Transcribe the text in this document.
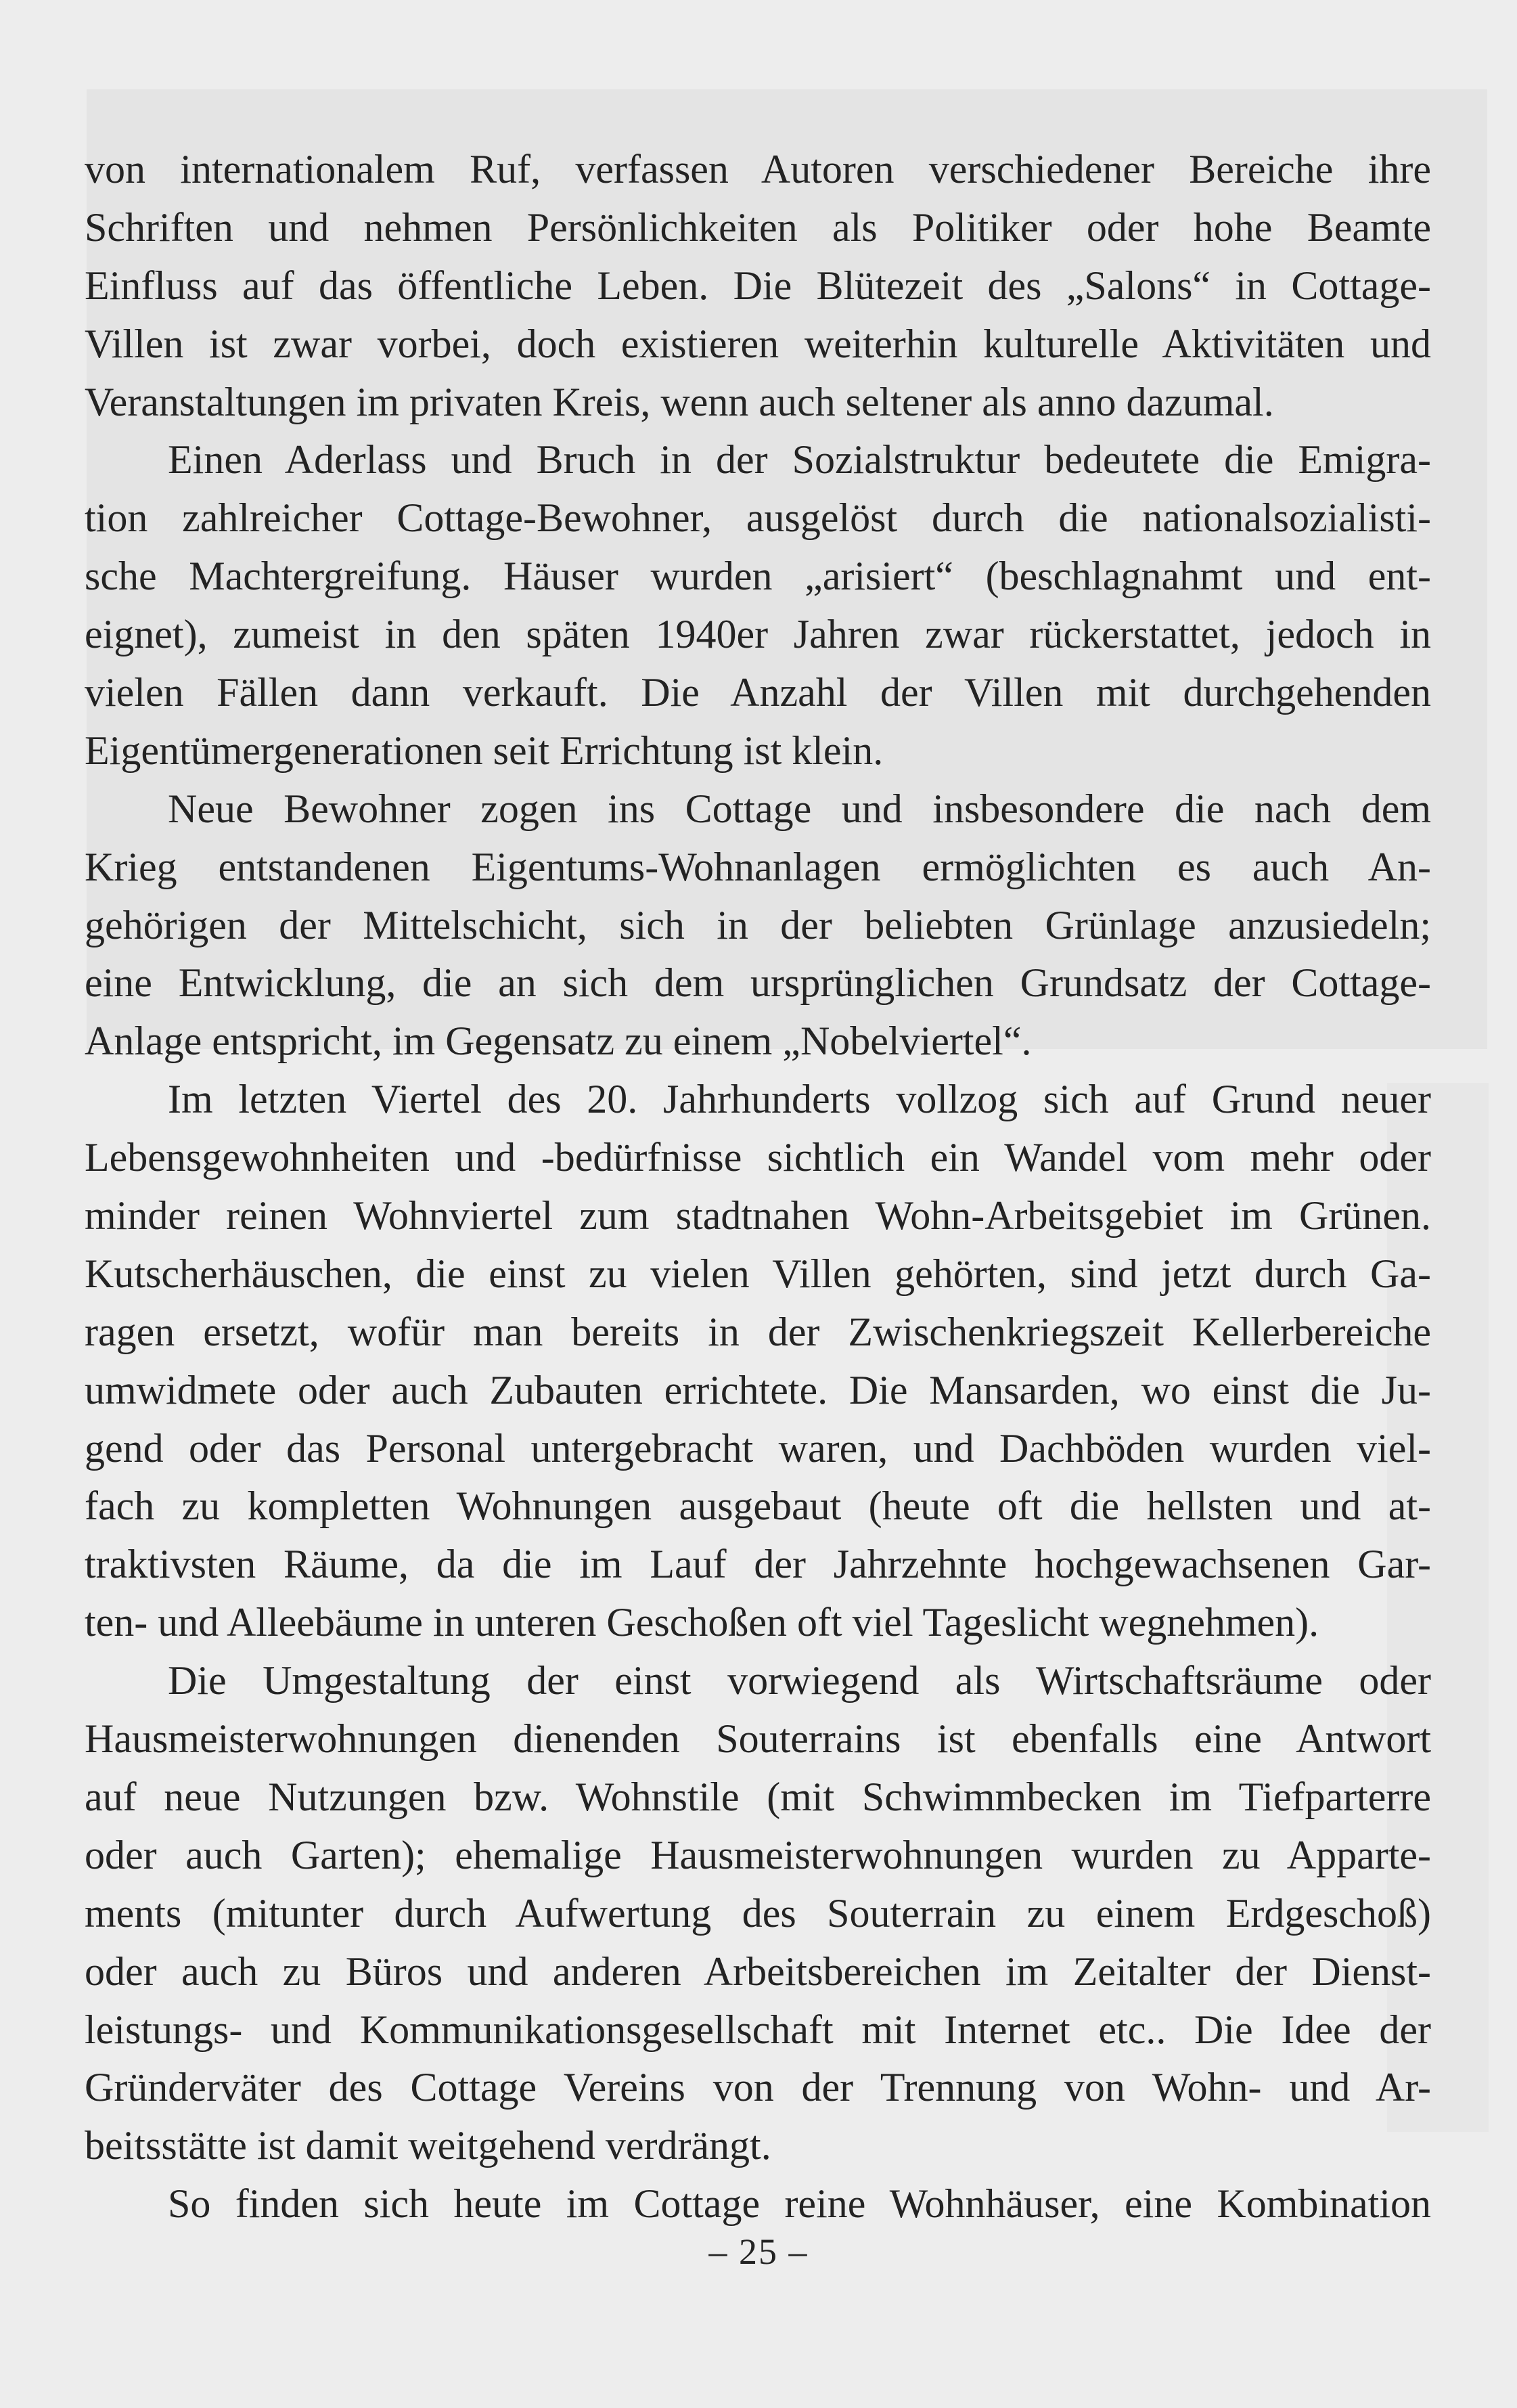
von internationalem Ruf, verfassen Autoren verschiedener Bereiche ihre
Schriften und nehmen Persönlichkeiten als Politiker oder hohe Beamte
Einfluss auf das öffentliche Leben. Die Blütezeit des „Salons“ in Cottage-
Villen ist zwar vorbei, doch existieren weiterhin kulturelle Aktivitäten und
Veranstaltungen im privaten Kreis, wenn auch seltener als anno dazumal.
Einen Aderlass und Bruch in der Sozialstruktur bedeutete die Emigra-
tion zahlreicher Cottage-Bewohner, ausgelöst durch die nationalsozialisti-
sche Machtergreifung. Häuser wurden „arisiert“ (beschlagnahmt und ent-
eignet), zumeist in den späten 1940er Jahren zwar rückerstattet, jedoch in
vielen Fällen dann verkauft. Die Anzahl der Villen mit durchgehenden
Eigentümergenerationen seit Errichtung ist klein.
Neue Bewohner zogen ins Cottage und insbesondere die nach dem
Krieg entstandenen Eigentums-Wohnanlagen ermöglichten es auch An-
gehörigen der Mittelschicht, sich in der beliebten Grünlage anzusiedeln;
eine Entwicklung, die an sich dem ursprünglichen Grundsatz der Cottage-
Anlage entspricht, im Gegensatz zu einem „Nobelviertel“.
Im letzten Viertel des 20. Jahrhunderts vollzog sich auf Grund neuer
Lebensgewohnheiten und -bedürfnisse sichtlich ein Wandel vom mehr oder
minder reinen Wohnviertel zum stadtnahen Wohn-Arbeitsgebiet im Grünen.
Kutscherhäuschen, die einst zu vielen Villen gehörten, sind jetzt durch Ga-
ragen ersetzt, wofür man bereits in der Zwischenkriegszeit Kellerbereiche
umwidmete oder auch Zubauten errichtete. Die Mansarden, wo einst die Ju-
gend oder das Personal untergebracht waren, und Dachböden wurden viel-
fach zu kompletten Wohnungen ausgebaut (heute oft die hellsten und at-
traktivsten Räume, da die im Lauf der Jahrzehnte hochgewachsenen Gar-
ten- und Alleebäume in unteren Geschoßen oft viel Tageslicht wegnehmen).
Die Umgestaltung der einst vorwiegend als Wirtschaftsräume oder
Hausmeisterwohnungen dienenden Souterrains ist ebenfalls eine Antwort
auf neue Nutzungen bzw. Wohnstile (mit Schwimmbecken im Tiefparterre
oder auch Garten); ehemalige Hausmeisterwohnungen wurden zu Apparte-
ments (mitunter durch Aufwertung des Souterrain zu einem Erdgeschoß)
oder auch zu Büros und anderen Arbeitsbereichen im Zeitalter der Dienst-
leistungs- und Kommunikationsgesellschaft mit Internet etc.. Die Idee der
Gründerväter des Cottage Vereins von der Trennung von Wohn- und Ar-
beitsstätte ist damit weitgehend verdrängt.
So finden sich heute im Cottage reine Wohnhäuser, eine Kombination
– 25 –
